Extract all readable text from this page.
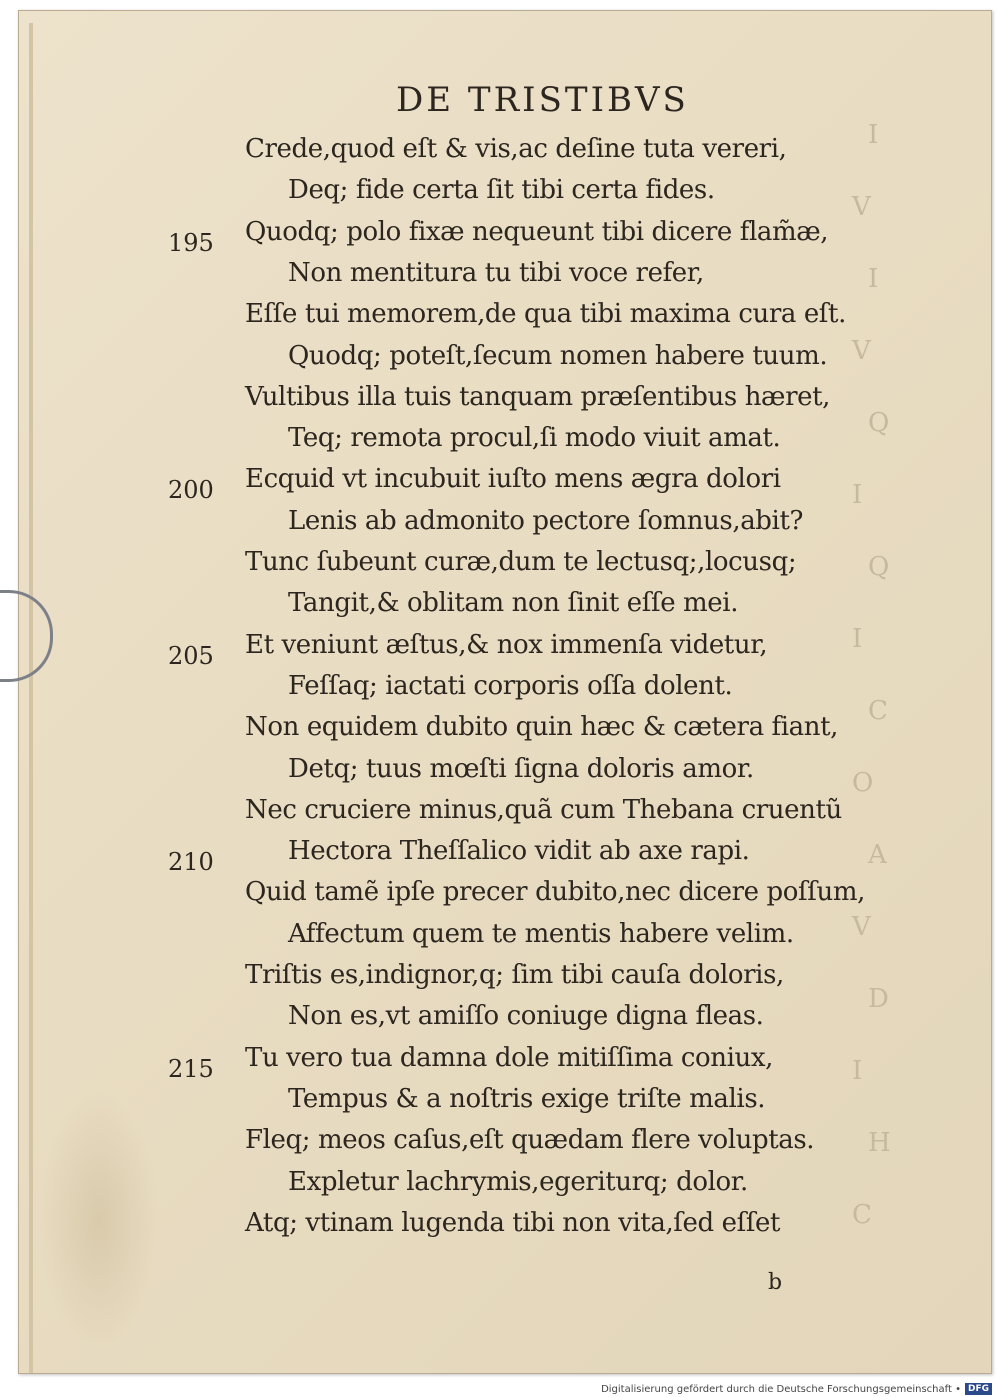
DE TRISTIBVS
Crede,quod eſt & vis,ac deſine tuta vereri,
Deq; fide certa ſit tibi certa fides.
Quodq; polo fixæ nequeunt tibi dicere flam̃æ,
Non mentitura tu tibi voce refer,
Eſſe tui memorem,de qua tibi maxima cura eſt.
Quodq; poteſt,ſecum nomen habere tuum.
Vultibus illa tuis tanquam præſentibus hæret,
Teq; remota procul,ſi modo viuit amat.
Ecquid vt incubuit iuſto mens ægra dolori
Lenis ab admonito pectore ſomnus,abit?
Tunc ſubeunt curæ,dum te lectusq;,locusq;
Tangit,& oblitam non ſinit eſſe mei.
Et veniunt æſtus,& nox immenſa videtur,
Feſſaq; iactati corporis oſſa dolent.
Non equidem dubito quin hæc & cætera fiant,
Detq; tuus mœſti ſigna doloris amor.
Nec cruciere minus,quã cum Thebana cruentũ
Hectora Theſſalico vidit ab axe rapi.
Quid tamẽ ipſe precer dubito,nec dicere poſſum,
Affectum quem te mentis habere velim.
Triſtis es,indignor,q; ſim tibi cauſa doloris,
Non es,vt amiſſo coniuge digna fleas.
Tu vero tua damna dole mitiſſima coniux,
Tempus & a noſtris exige triſte malis.
Fleq; meos caſus,eſt quædam flere voluptas.
Expletur lachrymis,egeriturq; dolor.
Atq; vtinam lugenda tibi non vita,ſed eſſet
195
200
205
210
215
I
V
I
V
Q
I
Q
I
C
O
A
V
D
I
H
C
b
Digitalisierung gefördert durch die Deutsche Forschungsgemeinschaft • DFG
